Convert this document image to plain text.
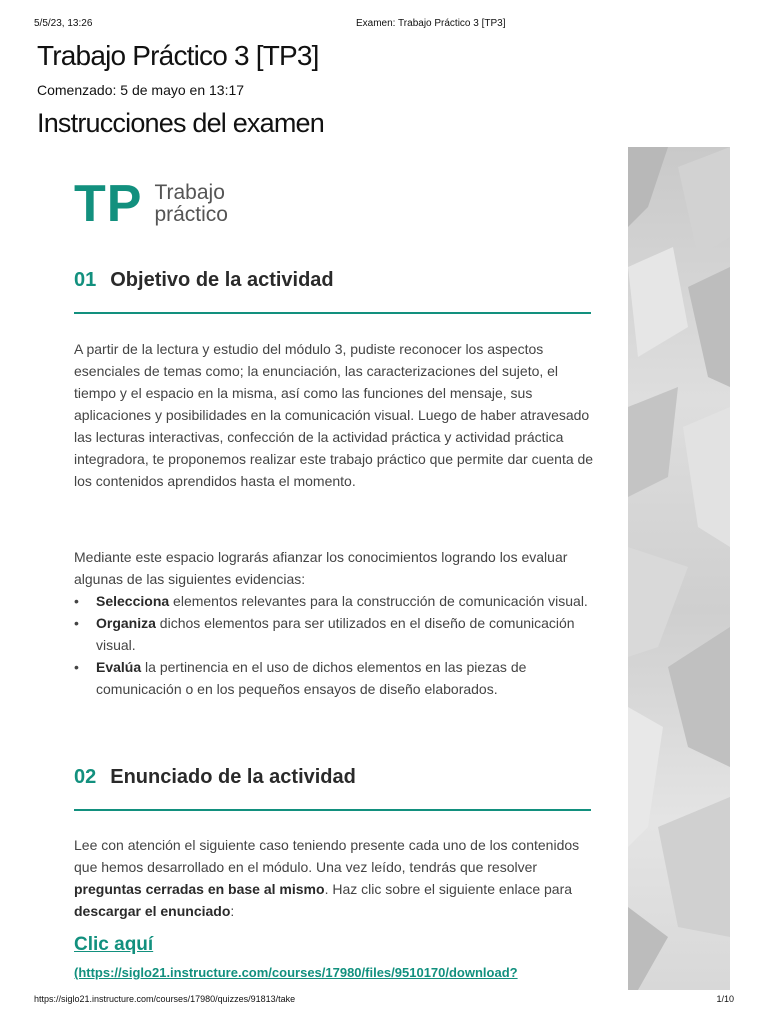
5/5/23, 13:26	Examen: Trabajo Práctico 3 [TP3]
Trabajo Práctico 3 [TP3]
Comenzado: 5 de mayo en 13:17
Instrucciones del examen
TP Trabajo
práctico
01 Objetivo de la actividad

A partir de la lectura y estudio del módulo 3, pudiste reconocer los aspectos esenciales de temas como; la enunciación, las caracterizaciones del sujeto, el tiempo y el espacio en la misma, así como las funciones del mensaje, sus aplicaciones y posibilidades en la comunicación visual. Luego de haber atravesado las lecturas interactivas, confección de la actividad práctica y actividad práctica integradora, te proponemos realizar este trabajo práctico que permite dar cuenta de los contenidos aprendidos hasta el momento.

Mediante este espacio lograrás afianzar los conocimientos logrando los evaluar algunas de las siguientes evidencias:

•	Selecciona elementos relevantes para la construcción de comunicación visual.
•	Organiza dichos elementos para ser utilizados en el diseño de comunicación visual.
•	Evalúa la pertinencia en el uso de dichos elementos en las piezas de comunicación o en los pequeños ensayos de diseño elaborados.
02 Enunciado de la actividad

Lee con atención el siguiente caso teniendo presente cada uno de los contenidos que hemos desarrollado en el módulo. Una vez leído, tendrás que resolver preguntas cerradas en base al mismo. Haz clic sobre el siguiente enlace para descargar el enunciado:

Clic aquí
(https://siglo21.instructure.com/courses/17980/files/9510170/download?
https://siglo21.instructure.com/courses/17980/quizzes/91813/take	1/10
